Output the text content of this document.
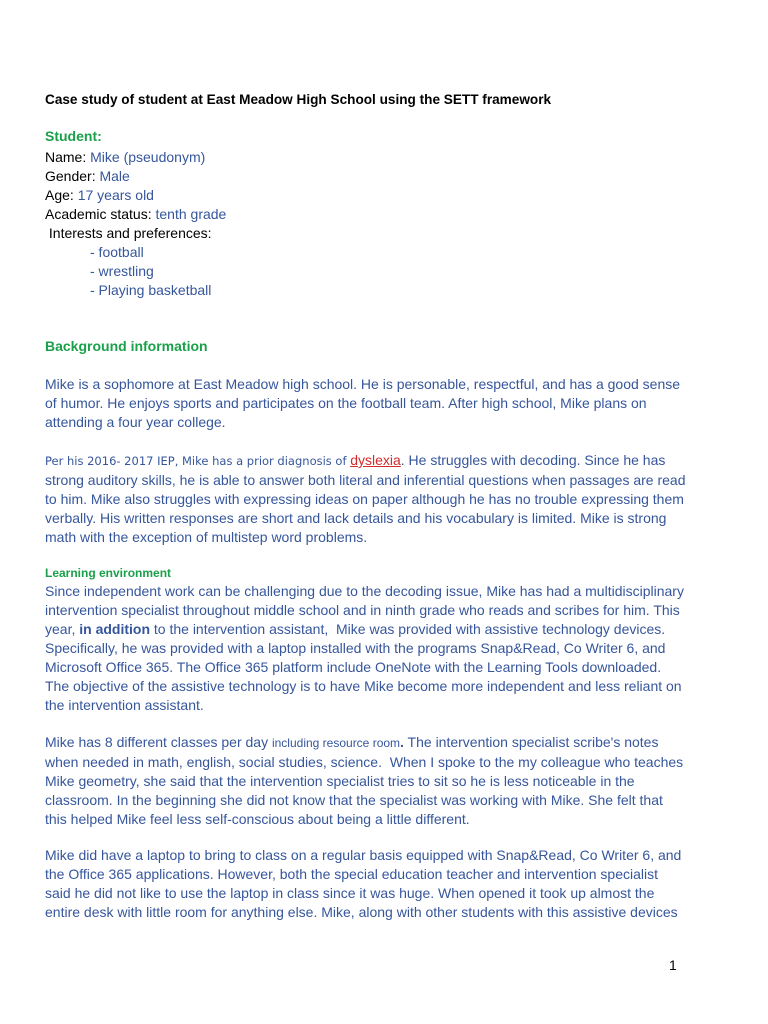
Case study of student at East Meadow High School using the SETT framework
Student:
Name: Mike (pseudonym)
Gender: Male
Age: 17 years old
Academic status: tenth grade
Interests and preferences:
- football
- wrestling
- Playing basketball
Background information
Mike is a sophomore at East Meadow high school. He is personable, respectful, and has a good sense
of humor. He enjoys sports and participates on the football team. After high school, Mike plans on
attending a four year college.
Per his 2016- 2017 IEP, Mike has a prior diagnosis of dyslexia. He struggles with decoding. Since he has
strong auditory skills, he is able to answer both literal and inferential questions when passages are read
to him. Mike also struggles with expressing ideas on paper although he has no trouble expressing them
verbally. His written responses are short and lack details and his vocabulary is limited. Mike is strong
math with the exception of multistep word problems.
Learning environment
Since independent work can be challenging due to the decoding issue, Mike has had a multidisciplinary
intervention specialist throughout middle school and in ninth grade who reads and scribes for him. This
year, in addition to the intervention assistant,  Mike was provided with assistive technology devices.
Specifically, he was provided with a laptop installed with the programs Snap&Read, Co Writer 6, and
Microsoft Office 365. The Office 365 platform include OneNote with the Learning Tools downloaded.
The objective of the assistive technology is to have Mike become more independent and less reliant on
the intervention assistant.
Mike has 8 different classes per day including resource room. The intervention specialist scribe's notes
when needed in math, english, social studies, science.  When I spoke to the my colleague who teaches
Mike geometry, she said that the intervention specialist tries to sit so he is less noticeable in the
classroom. In the beginning she did not know that the specialist was working with Mike. She felt that
this helped Mike feel less self-conscious about being a little different.
Mike did have a laptop to bring to class on a regular basis equipped with Snap&Read, Co Writer 6, and
the Office 365 applications. However, both the special education teacher and intervention specialist
said he did not like to use the laptop in class since it was huge. When opened it took up almost the
entire desk with little room for anything else. Mike, along with other students with this assistive devices
1
